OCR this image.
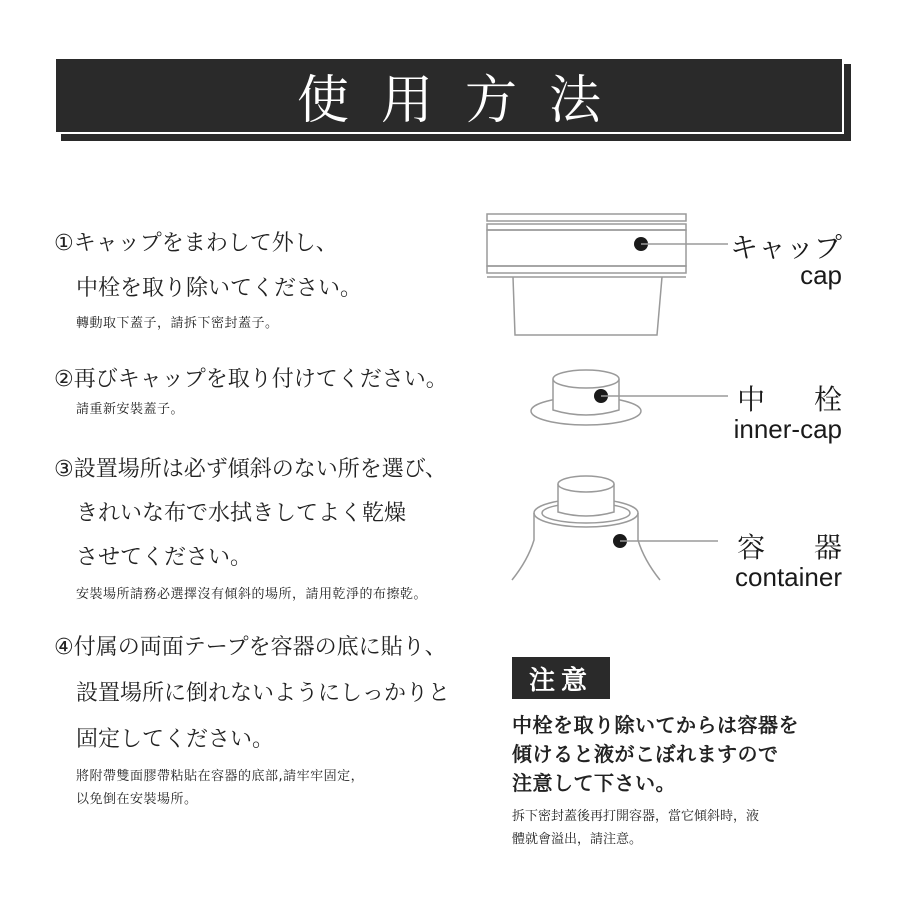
使用方法
①キャップをまわして外し、
中栓を取り除いてください。
轉動取下蓋子，請拆下密封蓋子。
②再びキャップを取り付けてください。
請重新安裝蓋子。
③設置場所は必ず傾斜のない所を選び、
きれいな布で水拭きしてよく乾燥
させてください。
安裝場所請務必選擇沒有傾斜的場所，請用乾淨的布擦乾。
④付属の両面テープを容器の底に貼り、
設置場所に倒れないようにしっかりと
固定してください。
將附帶雙面膠帶粘貼在容器的底部,請牢牢固定，
以免倒在安裝場所。
キャップ
cap
中 栓
inner-cap
容 器
container
注意
中栓を取り除いてからは容器を
傾けると液がこぼれますので
注意して下さい。
拆下密封蓋後再打開容器，當它傾斜時，液
體就會溢出，請注意。
